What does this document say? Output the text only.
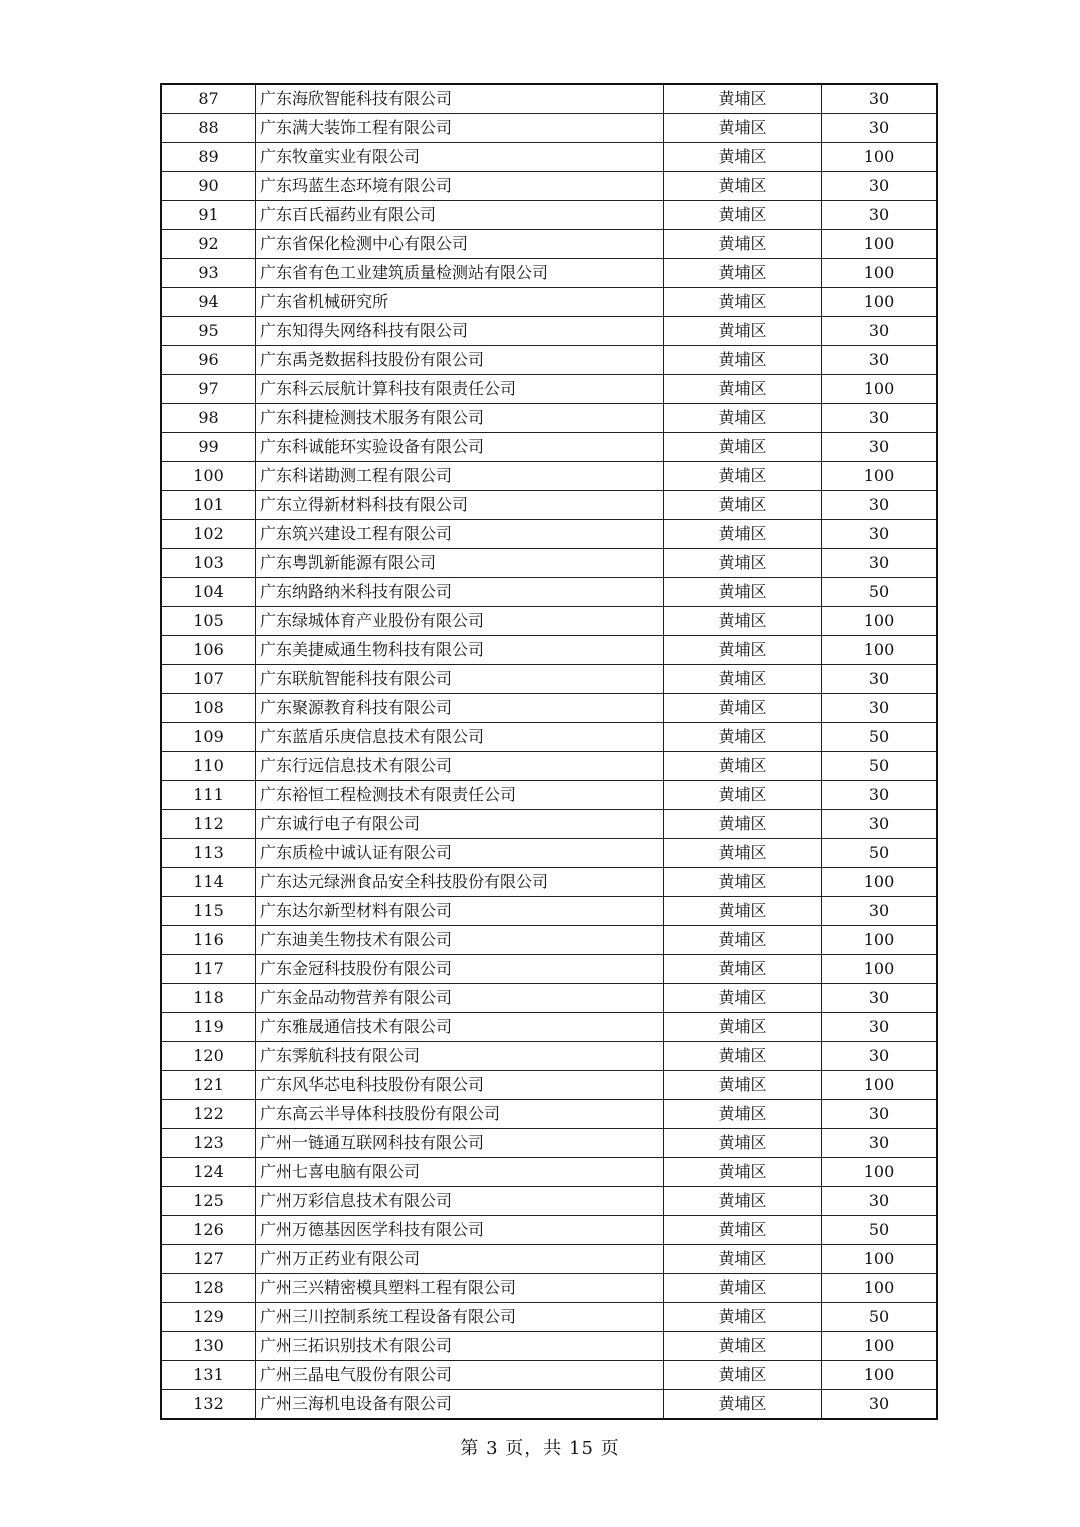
87	广东海欣智能科技有限公司	黄埔区	30
88	广东满大装饰工程有限公司	黄埔区	30
89	广东牧童实业有限公司	黄埔区	100
90	广东玛蓝生态环境有限公司	黄埔区	30
91	广东百氏福药业有限公司	黄埔区	30
92	广东省保化检测中心有限公司	黄埔区	100
93	广东省有色工业建筑质量检测站有限公司	黄埔区	100
94	广东省机械研究所	黄埔区	100
95	广东知得失网络科技有限公司	黄埔区	30
96	广东禹尧数据科技股份有限公司	黄埔区	30
97	广东科云辰航计算科技有限责任公司	黄埔区	100
98	广东科捷检测技术服务有限公司	黄埔区	30
99	广东科诚能环实验设备有限公司	黄埔区	30
100	广东科诺勘测工程有限公司	黄埔区	100
101	广东立得新材料科技有限公司	黄埔区	30
102	广东筑兴建设工程有限公司	黄埔区	30
103	广东粤凯新能源有限公司	黄埔区	30
104	广东纳路纳米科技有限公司	黄埔区	50
105	广东绿城体育产业股份有限公司	黄埔区	100
106	广东美捷威通生物科技有限公司	黄埔区	100
107	广东联航智能科技有限公司	黄埔区	30
108	广东聚源教育科技有限公司	黄埔区	30
109	广东蓝盾乐庚信息技术有限公司	黄埔区	50
110	广东行远信息技术有限公司	黄埔区	50
111	广东裕恒工程检测技术有限责任公司	黄埔区	30
112	广东诚行电子有限公司	黄埔区	30
113	广东质检中诚认证有限公司	黄埔区	50
114	广东达元绿洲食品安全科技股份有限公司	黄埔区	100
115	广东达尔新型材料有限公司	黄埔区	30
116	广东迪美生物技术有限公司	黄埔区	100
117	广东金冠科技股份有限公司	黄埔区	100
118	广东金品动物营养有限公司	黄埔区	30
119	广东雅晟通信技术有限公司	黄埔区	30
120	广东霁航科技有限公司	黄埔区	30
121	广东风华芯电科技股份有限公司	黄埔区	100
122	广东高云半导体科技股份有限公司	黄埔区	30
123	广州一链通互联网科技有限公司	黄埔区	30
124	广州七喜电脑有限公司	黄埔区	100
125	广州万彩信息技术有限公司	黄埔区	30
126	广州万德基因医学科技有限公司	黄埔区	50
127	广州万正药业有限公司	黄埔区	100
128	广州三兴精密模具塑料工程有限公司	黄埔区	100
129	广州三川控制系统工程设备有限公司	黄埔区	50
130	广州三拓识别技术有限公司	黄埔区	100
131	广州三晶电气股份有限公司	黄埔区	100
132	广州三海机电设备有限公司	黄埔区	30
第 3 页，共 15 页
